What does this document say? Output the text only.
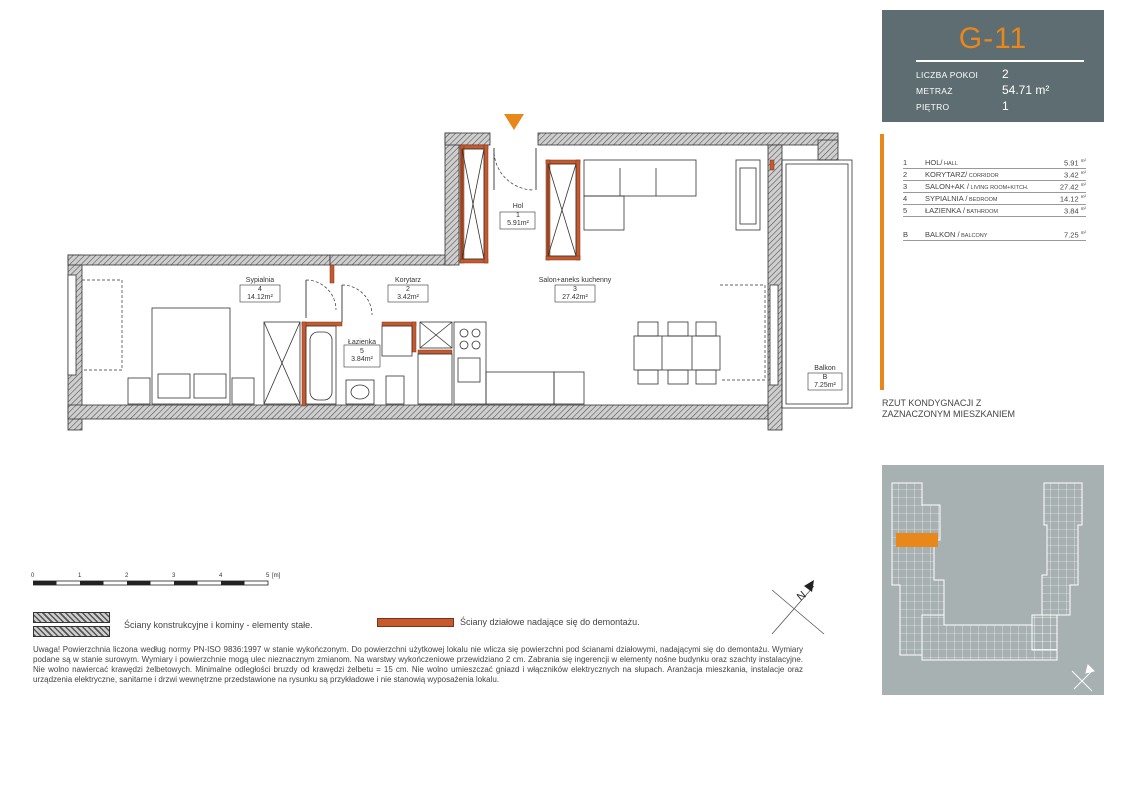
G-11
LICZBA POKOI 2
METRAŻ	54.71 m²
PIĘTRO	1
1 HOL/ HALL	5.91 $^{m^2}$
2 KORYTARZ/ CORRIDOR	3.42 $^{m^2}$
3 SALON+AK / LIVING ROOM+KITCH.	27.42 $^{m^2}$
4 SYPIALNIA / BEDROOM	14.12 $^{m^2}$
5 ŁAZIENKA / BATHROOM	3.84 $^{m^2}$
B BALKON / BALCONY	7.25 $^{m^2}$
RZUT KONDYGNACJI Z
ZAZNACZONYM MIESZKANIEM
Hol
1
5.91m²
Sypialnia
4
14.12m²
Korytarz
2
3.42m²
Salon+aneks kuchenny
3
27.42m²
Łazienka
5
3.84m²
Balkon
B
7.25m²
0	1	2	3	4	5 [m]
N
Ściany konstrukcyjne i kominy - elementy stałe.	Ściany działowe nadające się do demontażu.
Uwaga! Powierzchnia liczona według normy PN-ISO 9836:1997 w stanie wykończonym. Do powierzchni użytkowej lokalu nie wlicza się powierzchni pod ścianami działowymi, nadającymi się do demontażu. Wymiary podane są w stanie surowym. Wymiary i powierzchnie mogą ulec nieznacznym zmianom. Na warstwy wykończeniowe przewidziano 2 cm. Zabrania się ingerencji w elementy nośne budynku oraz szachty instalacyjne. Nie wolno nawiercać krawędzi żelbetowych. Minimalne odległości bruzdy od krawędzi żelbetu = 15 cm. Nie wolno umieszczać gniazd i włączników elektrycznych na słupach. Aranżacja mieszkania, instalacje oraz urządzenia elektryczne, sanitarne i drzwi wewnętrzne przedstawione na rysunku są przykładowe i nie stanowią wyposażenia lokalu.
